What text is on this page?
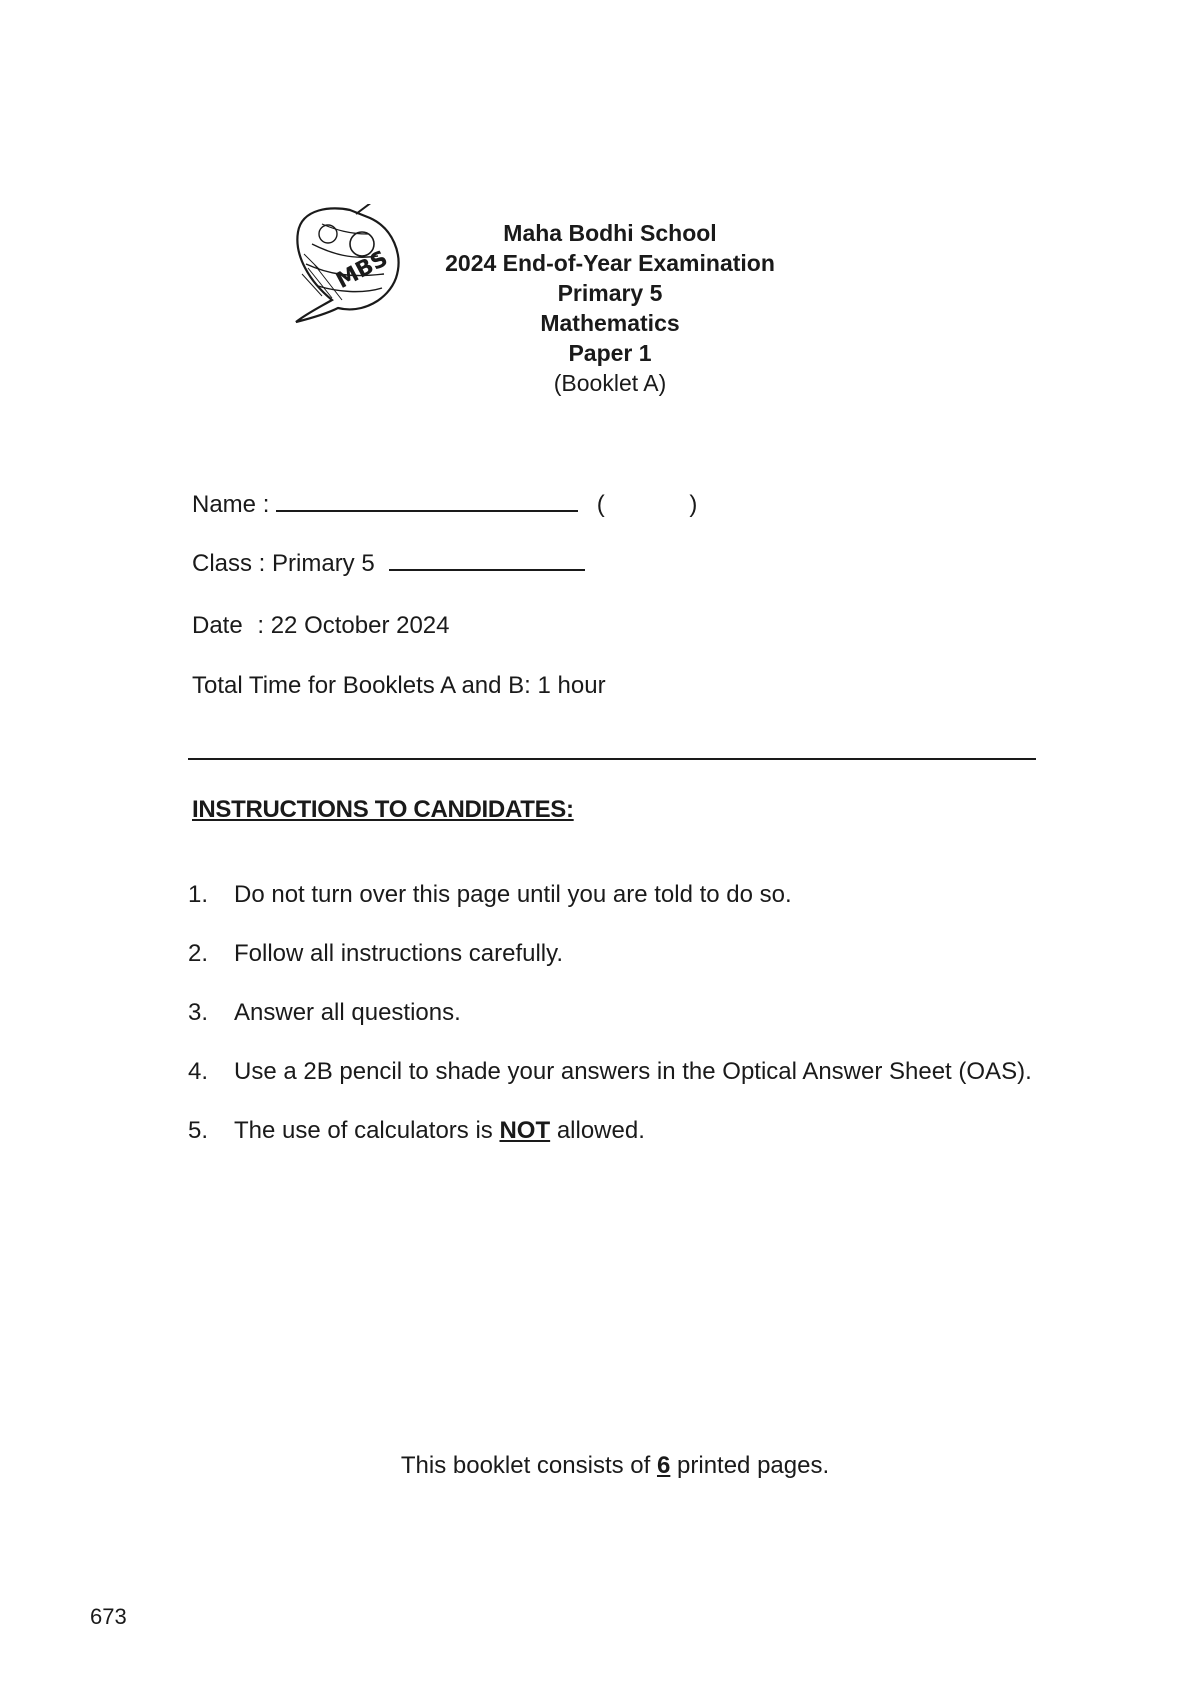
MBS
Maha Bodhi School
2024 End-of-Year Examination
Primary 5
Mathematics
Paper 1
(Booklet A)
Name :	(	)
Class : Primary 5
Date : 22 October 2024
Total Time for Booklets A and B: 1 hour
INSTRUCTIONS TO CANDIDATES:
1. Do not turn over this page until you are told to do so.
2. Follow all instructions carefully.
3. Answer all questions.
4. Use a 2B pencil to shade your answers in the Optical Answer Sheet (OAS).
5. The use of calculators is NOT allowed.
This booklet consists of 6 printed pages.
673
